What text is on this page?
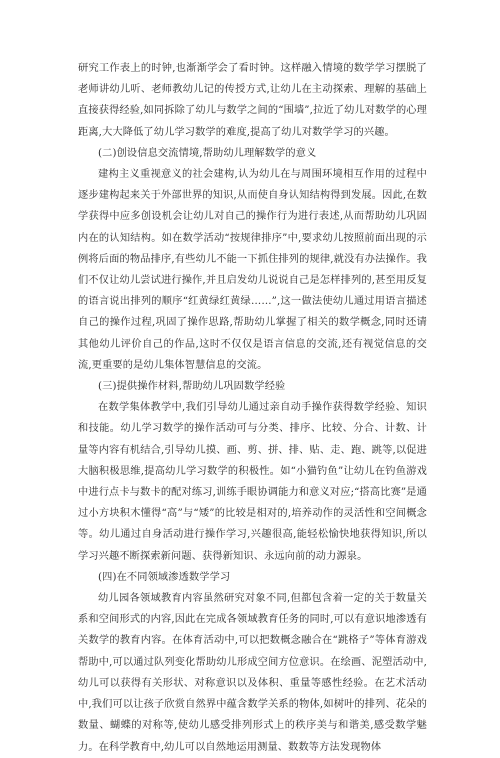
研究工作表上的时钟,也渐渐学会了看时钟。这样融入情境的数学学习摆脱了老师讲幼儿听、老师教幼儿记的传授方式,让幼儿在主动探索、理解的基础上直接获得经验,如同拆除了幼儿与数学之间的“围墙”,拉近了幼儿对数学的心理距离,大大降低了幼儿学习数学的难度,提高了幼儿对数学学习的兴趣。

(二)创设信息交流情境,帮助幼儿理解数学的意义

建构主义重视意义的社会建构,认为幼儿在与周围环境相互作用的过程中逐步建构起来关于外部世界的知识,从而使自身认知结构得到发展。因此,在数学获得中应多创设机会让幼儿对自己的操作行为进行表述,从而帮助幼儿巩固内在的认知结构。如在数学活动“按规律排序”中,要求幼儿按照前面出现的示例将后面的物品排序,有些幼儿不能一下抓住排列的规律,就没有办法操作。我们不仅让幼儿尝试进行操作,并且启发幼儿说说自己是怎样排列的,甚至用反复的语言说出排列的顺序“红黄绿红黄绿……”,这一做法使幼儿通过用语言描述自己的操作过程,巩固了操作思路,帮助幼儿掌握了相关的数学概念,同时还请其他幼儿评价自己的作品,这时不仅仅是语言信息的交流,还有视觉信息的交流,更重要的是幼儿集体智慧信息的交流。

(三)提供操作材料,帮助幼儿巩固数学经验

在数学集体教学中,我们引导幼儿通过亲自动手操作获得数学经验、知识和技能。幼儿学习数学的操作活动可与分类、排序、比较、分合、计数、计量等内容有机结合,引导幼儿摸、画、剪、拼、排、贴、走、跑、跳等,以促进大脑积极思维,提高幼儿学习数学的积极性。如“小猫钓鱼”让幼儿在钓鱼游戏中进行点卡与数卡的配对练习,训练手眼协调能力和意义对应;“搭高比赛”是通过小方块积木懂得“高”与“矮”的比较是相对的,培养动作的灵活性和空间概念等。幼儿通过自身活动进行操作学习,兴趣很高,能轻松愉快地获得知识,所以学习兴趣不断探索新问题、获得新知识、永远向前的动力源泉。

(四)在不同领域渗透数学学习

幼儿园各领域教育内容虽然研究对象不同,但都包含着一定的关于数量关系和空间形式的内容,因此在完成各领域教育任务的同时,可以有意识地渗透有关数学的教育内容。在体育活动中,可以把数概念融合在“跳格子”等体育游戏帮助中,可以通过队列变化帮助幼儿形成空间方位意识。在绘画、泥塑活动中,幼儿可以获得有关形状、对称意识以及体积、重量等感性经验。在艺术活动中,我们可以让孩子欣赏自然界中蕴含数学关系的物体,如树叶的排列、花朵的数量、蝴蝶的对称等,使幼儿感受排列形式上的秩序美与和谐美,感受数学魅力。在科学教育中,幼儿可以自然地运用测量、数数等方法发现物体
